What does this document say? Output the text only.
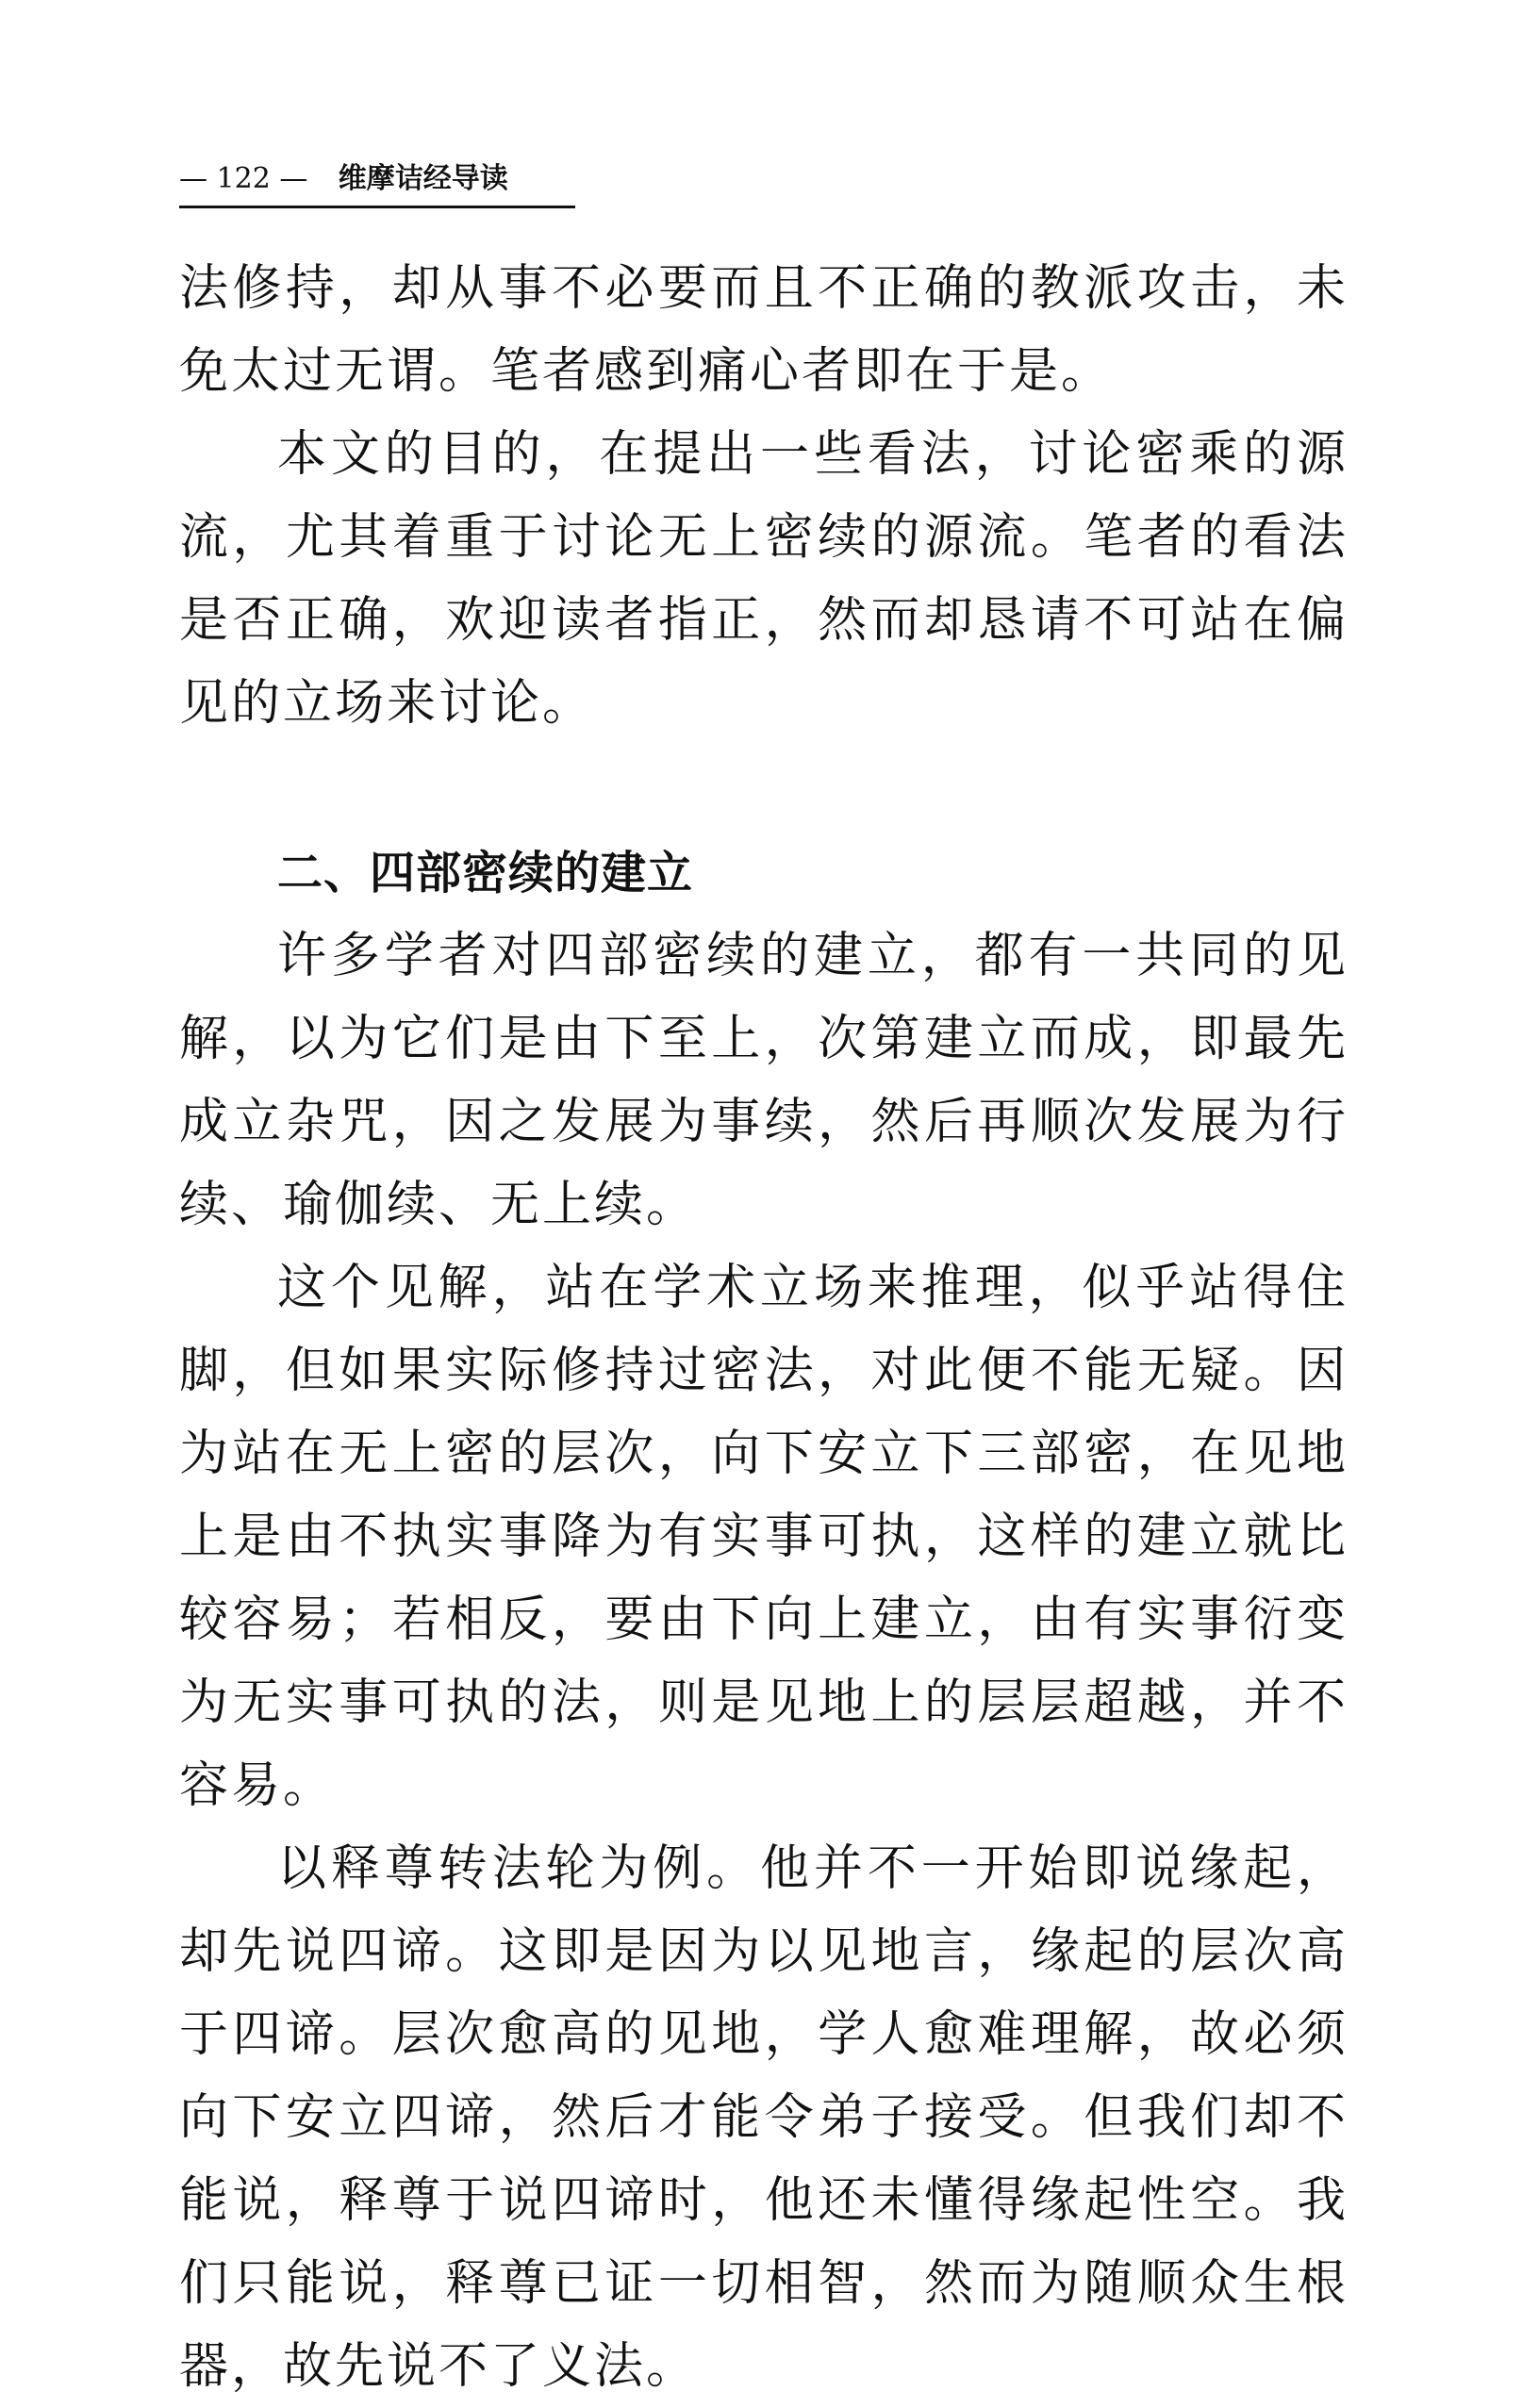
— 122 — 维摩诘经导读

法修持，却从事不必要而且不正确的教派攻击，未免太过无谓。笔者感到痛心者即在于是。

本文的目的，在提出一些看法，讨论密乘的源流，尤其着重于讨论无上密续的源流。笔者的看法是否正确，欢迎读者指正，然而却恳请不可站在偏见的立场来讨论。

二、四部密续的建立

许多学者对四部密续的建立，都有一共同的见解，以为它们是由下至上，次第建立而成，即最先成立杂咒，因之发展为事续，然后再顺次发展为行续、瑜伽续、无上续。

这个见解，站在学术立场来推理，似乎站得住脚，但如果实际修持过密法，对此便不能无疑。因为站在无上密的层次，向下安立下三部密，在见地上是由不执实事降为有实事可执，这样的建立就比较容易；若相反，要由下向上建立，由有实事衍变为无实事可执的法，则是见地上的层层超越，并不容易。

以释尊转法轮为例。他并不一开始即说缘起，却先说四谛。这即是因为以见地言，缘起的层次高于四谛。层次愈高的见地，学人愈难理解，故必须向下安立四谛，然后才能令弟子接受。但我们却不能说，释尊于说四谛时，他还未懂得缘起性空。我们只能说，释尊已证一切相智，然而为随顺众生根器，故先说不了义法。
